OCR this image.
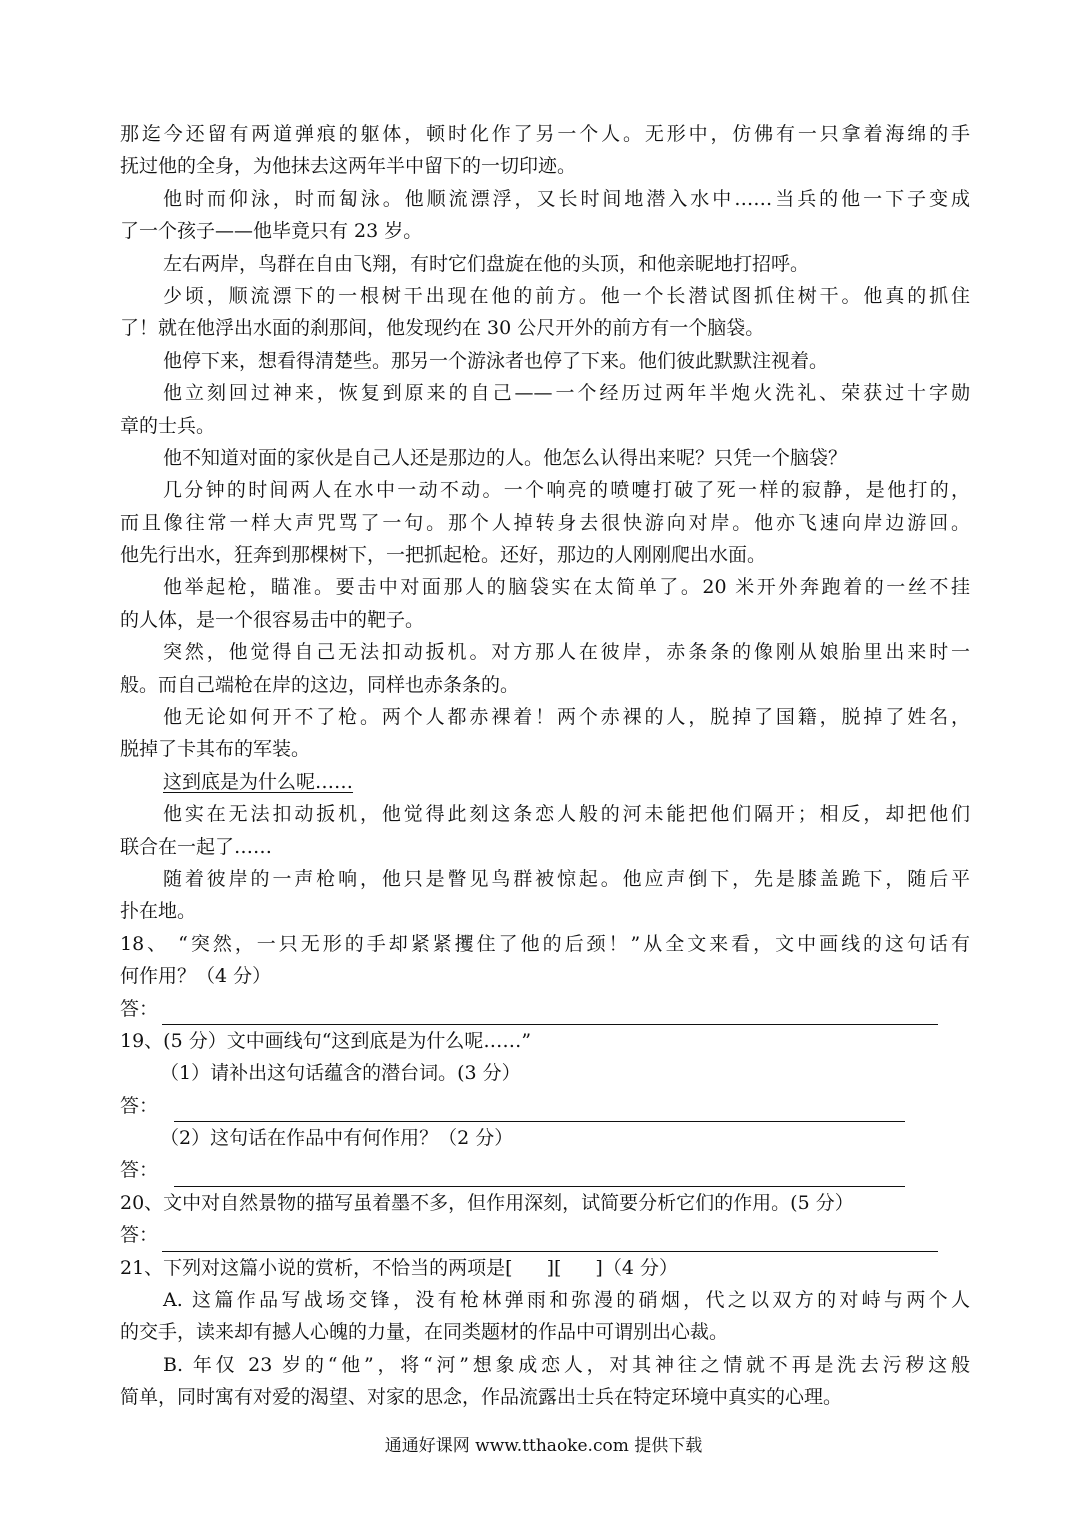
那迄今还留有两道弹痕的躯体，顿时化作了另一个人。无形中，仿佛有一只拿着海绵的手
抚过他的全身，为他抹去这两年半中留下的一切印迹。
他时而仰泳，时而匐泳。他顺流漂浮，又长时间地潜入水中……当兵的他一下子变成
了一个孩子——他毕竟只有 23 岁。
左右两岸，鸟群在自由飞翔，有时它们盘旋在他的头顶，和他亲昵地打招呼。
少顷，顺流漂下的一根树干出现在他的前方。他一个长潜试图抓住树干。他真的抓住
了！就在他浮出水面的刹那间，他发现约在 30 公尺开外的前方有一个脑袋。
他停下来，想看得清楚些。那另一个游泳者也停了下来。他们彼此默默注视着。
他立刻回过神来，恢复到原来的自己——一个经历过两年半炮火洗礼、荣获过十字勋
章的士兵。
他不知道对面的家伙是自己人还是那边的人。他怎么认得出来呢？只凭一个脑袋？
几分钟的时间两人在水中一动不动。一个响亮的喷嚏打破了死一样的寂静，是他打的，
而且像往常一样大声咒骂了一句。那个人掉转身去很快游向对岸。他亦飞速向岸边游回。
他先行出水，狂奔到那棵树下，一把抓起枪。还好，那边的人刚刚爬出水面。
他举起枪，瞄准。要击中对面那人的脑袋实在太简单了。20 米开外奔跑着的一丝不挂
的人体，是一个很容易击中的靶子。
突然，他觉得自己无法扣动扳机。对方那人在彼岸，赤条条的像刚从娘胎里出来时一
般。而自己端枪在岸的这边，同样也赤条条的。
他无论如何开不了枪。两个人都赤裸着！两个赤裸的人，脱掉了国籍，脱掉了姓名，
脱掉了卡其布的军装。
这到底是为什么呢……
他实在无法扣动扳机，他觉得此刻这条恋人般的河未能把他们隔开；相反，却把他们
联合在一起了……
随着彼岸的一声枪响，他只是瞥见鸟群被惊起。他应声倒下，先是膝盖跪下，随后平
扑在地。
18、 “突然，一只无形的手却紧紧攫住了他的后颈！”从全文来看，文中画线的这句话有
何作用？（4 分）
答：
19、(5 分）文中画线句“这到底是为什么呢……”
（1）请补出这句话蕴含的潜台词。(3 分）
答：
（2）这句话在作品中有何作用？（2 分）
答：
20、文中对自然景物的描写虽着墨不多，但作用深刻，试简要分析它们的作用。(5 分）
答：
21、下列对这篇小说的赏析，不恰当的两项是[ ][ ]（4 分）
A. 这篇作品写战场交锋，没有枪林弹雨和弥漫的硝烟，代之以双方的对峙与两个人
的交手，读来却有撼人心魄的力量，在同类题材的作品中可谓别出心裁。
B. 年仅 23 岁的“他”，将“河”想象成恋人，对其神往之情就不再是洗去污秽这般
简单，同时寓有对爱的渴望、对家的思念，作品流露出士兵在特定环境中真实的心理。
通通好课网 www.tthaoke.com 提供下载
